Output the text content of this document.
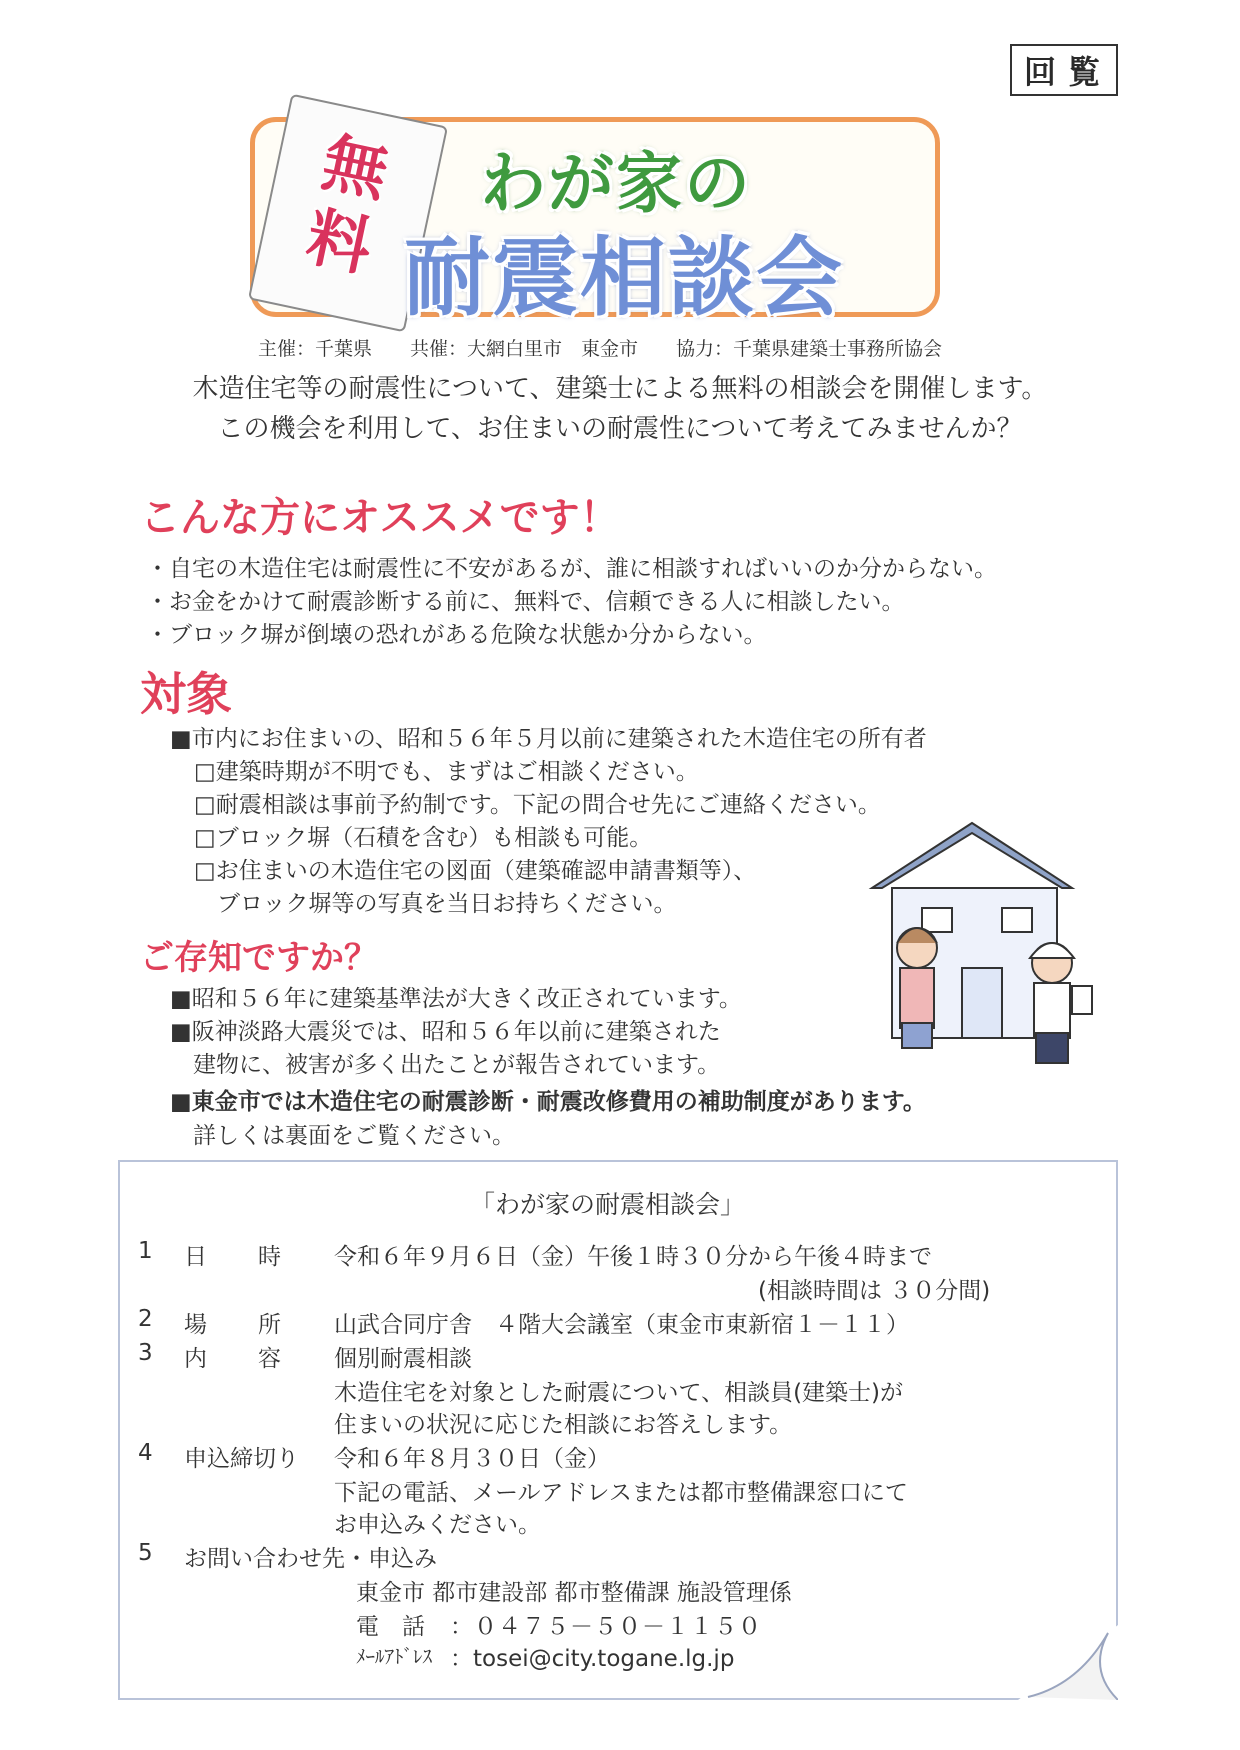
回覧
無料
わが家の
耐震相談会
主催：千葉県　　共催：大網白里市　東金市　　協力：千葉県建築士事務所協会
木造住宅等の耐震性について、建築士による無料の相談会を開催します。
この機会を利用して、お住まいの耐震性について考えてみませんか？
こんな方にオススメです！
・自宅の木造住宅は耐震性に不安があるが、誰に相談すればいいのか分からない。
・お金をかけて耐震診断する前に、無料で、信頼できる人に相談したい。
・ブロック塀が倒壊の恐れがある危険な状態か分からない。
対象
■市内にお住まいの、昭和５６年５月以前に建築された木造住宅の所有者
□建築時期が不明でも、まずはご相談ください。
□耐震相談は事前予約制です。下記の問合せ先にご連絡ください。
□ブロック塀（石積を含む）も相談も可能。
□お住まいの木造住宅の図面（建築確認申請書類等）、
　ブロック塀等の写真を当日お持ちください。
ご存知ですか？
■昭和５６年に建築基準法が大きく改正されています。
■阪神淡路大震災では、昭和５６年以前に建築された
　建物に、被害が多く出たことが報告されています。
■東金市では木造住宅の耐震診断・耐震改修費用の補助制度があります。
　詳しくは裏面をご覧ください。
「わが家の耐震相談会」
1 日 時 令和６年９月６日（金）午後１時３０分から午後４時まで
(相談時間は ３０分間)
2 場 所 山武合同庁舎　４階大会議室（東金市東新宿１－１１）
3 内 容 個別耐震相談
木造住宅を対象とした耐震について、相談員(建築士)が
住まいの状況に応じた相談にお答えします。
4 申込締切り 令和６年８月３０日（金）
下記の電話、メールアドレスまたは都市整備課窓口にて
お申込みください。
5 お問い合わせ先・申込み
東金市 都市建設部 都市整備課 施設管理係
電　話 ：０４７５－５０－１１５０
ﾒｰﾙｱﾄﾞﾚｽ ：tosei@city.togane.lg.jp
